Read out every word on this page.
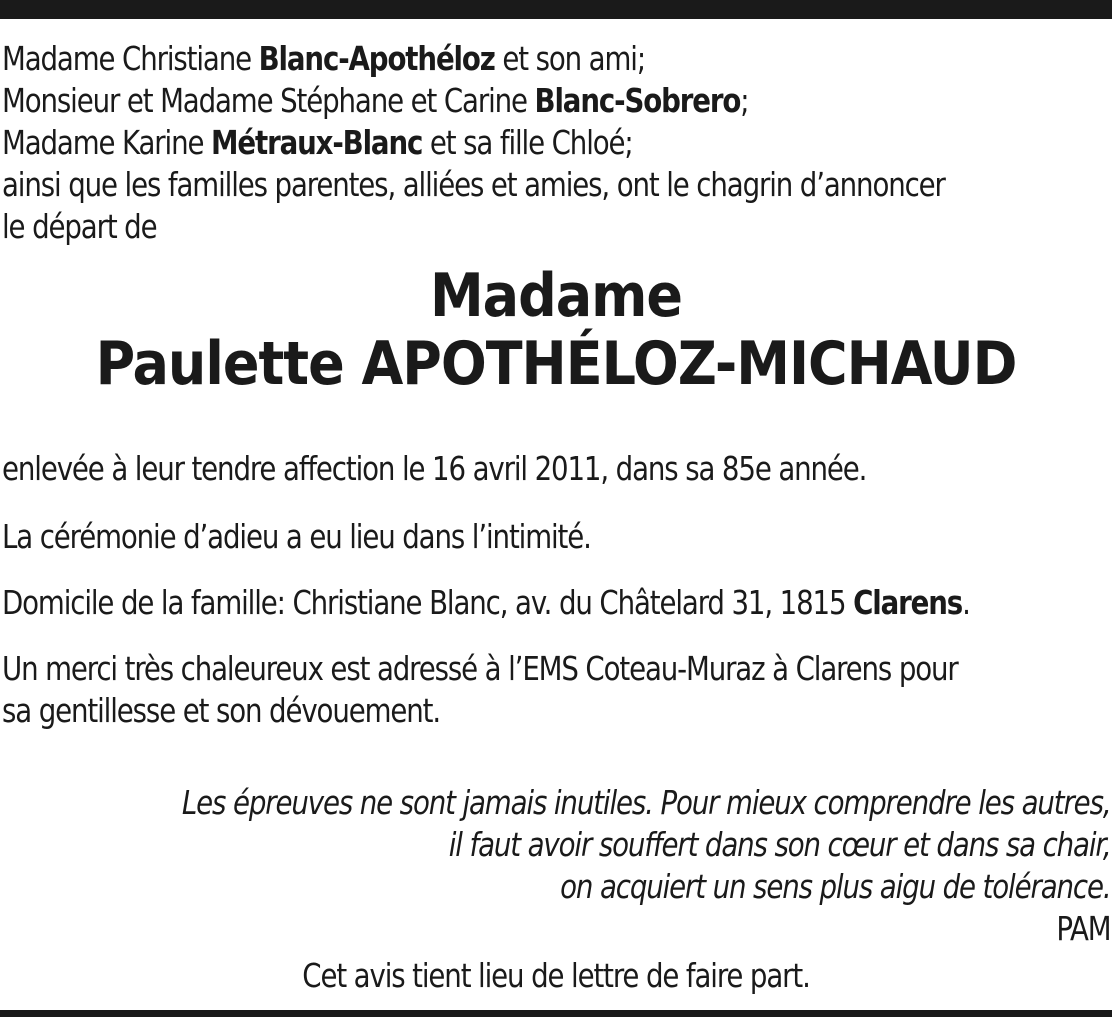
Madame Christiane Blanc-Apothéloz et son ami;
Monsieur et Madame Stéphane et Carine Blanc-Sobrero;
Madame Karine Métraux-Blanc et sa fille Chloé;
ainsi que les familles parentes, alliées et amies, ont le chagrin d’annoncer
le départ de
Madame
Paulette APOTHÉLOZ-MICHAUD
enlevée à leur tendre affection le 16 avril 2011, dans sa 85e année.
La cérémonie d’adieu a eu lieu dans l’intimité.
Domicile de la famille: Christiane Blanc, av. du Châtelard 31, 1815 Clarens.
Un merci très chaleureux est adressé à l’EMS Coteau-Muraz à Clarens pour
sa gentillesse et son dévouement.
Les épreuves ne sont jamais inutiles. Pour mieux comprendre les autres,
il faut avoir souffert dans son cœur et dans sa chair,
on acquiert un sens plus aigu de tolérance.
PAM
Cet avis tient lieu de lettre de faire part.
